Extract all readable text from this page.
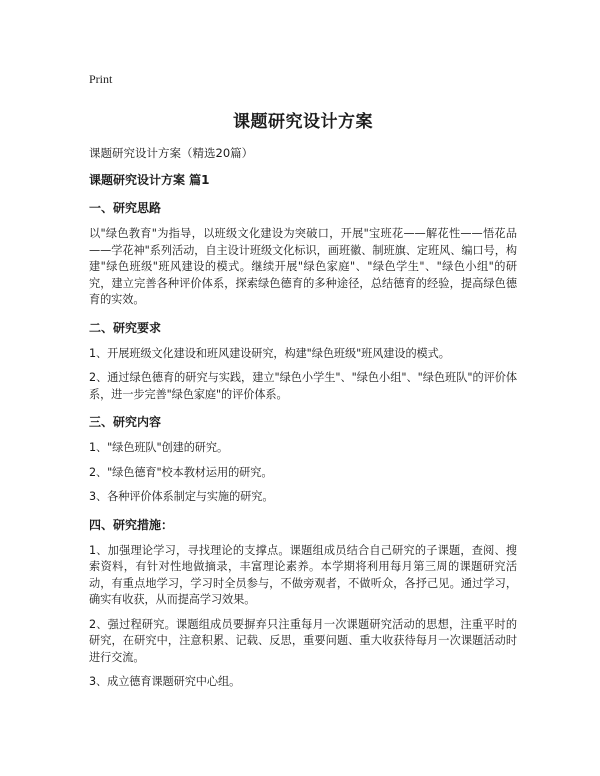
Print
课题研究设计方案
课题研究设计方案（精选20篇）
课题研究设计方案 篇1
一、研究思路
以"绿色教育"为指导，以班级文化建设为突破口，开展"宝班花——解花性——悟花品——学花神"系列活动，自主设计班级文化标识，画班徽、制班旗、定班风、编口号，构建"绿色班级"班风建设的模式。继续开展"绿色家庭"、"绿色学生"、"绿色小组"的研究，建立完善各种评价体系，探索绿色德育的多种途径，总结德育的经验，提高绿色德育的实效。
二、研究要求
1、开展班级文化建设和班风建设研究，构建"绿色班级"班风建设的模式。
2、通过绿色德育的研究与实践，建立"绿色小学生"、"绿色小组"、"绿色班队"的评价体系，进一步完善"绿色家庭"的评价体系。
三、研究内容
1、"绿色班队"创建的研究。
2、"绿色德育"校本教材运用的研究。
3、各种评价体系制定与实施的研究。
四、研究措施：
1、加强理论学习，寻找理论的支撑点。课题组成员结合自己研究的子课题，查阅、搜索资料，有针对性地做摘录，丰富理论素养。本学期将利用每月第三周的课题研究活动，有重点地学习，学习时全员参与，不做旁观者，不做听众，各抒己见。通过学习，确实有收获，从而提高学习效果。
2、强过程研究。课题组成员要摒弃只注重每月一次课题研究活动的思想，注重平时的研究，在研究中，注意积累、记载、反思，重要问题、重大收获待每月一次课题活动时进行交流。
3、成立德育课题研究中心组。
